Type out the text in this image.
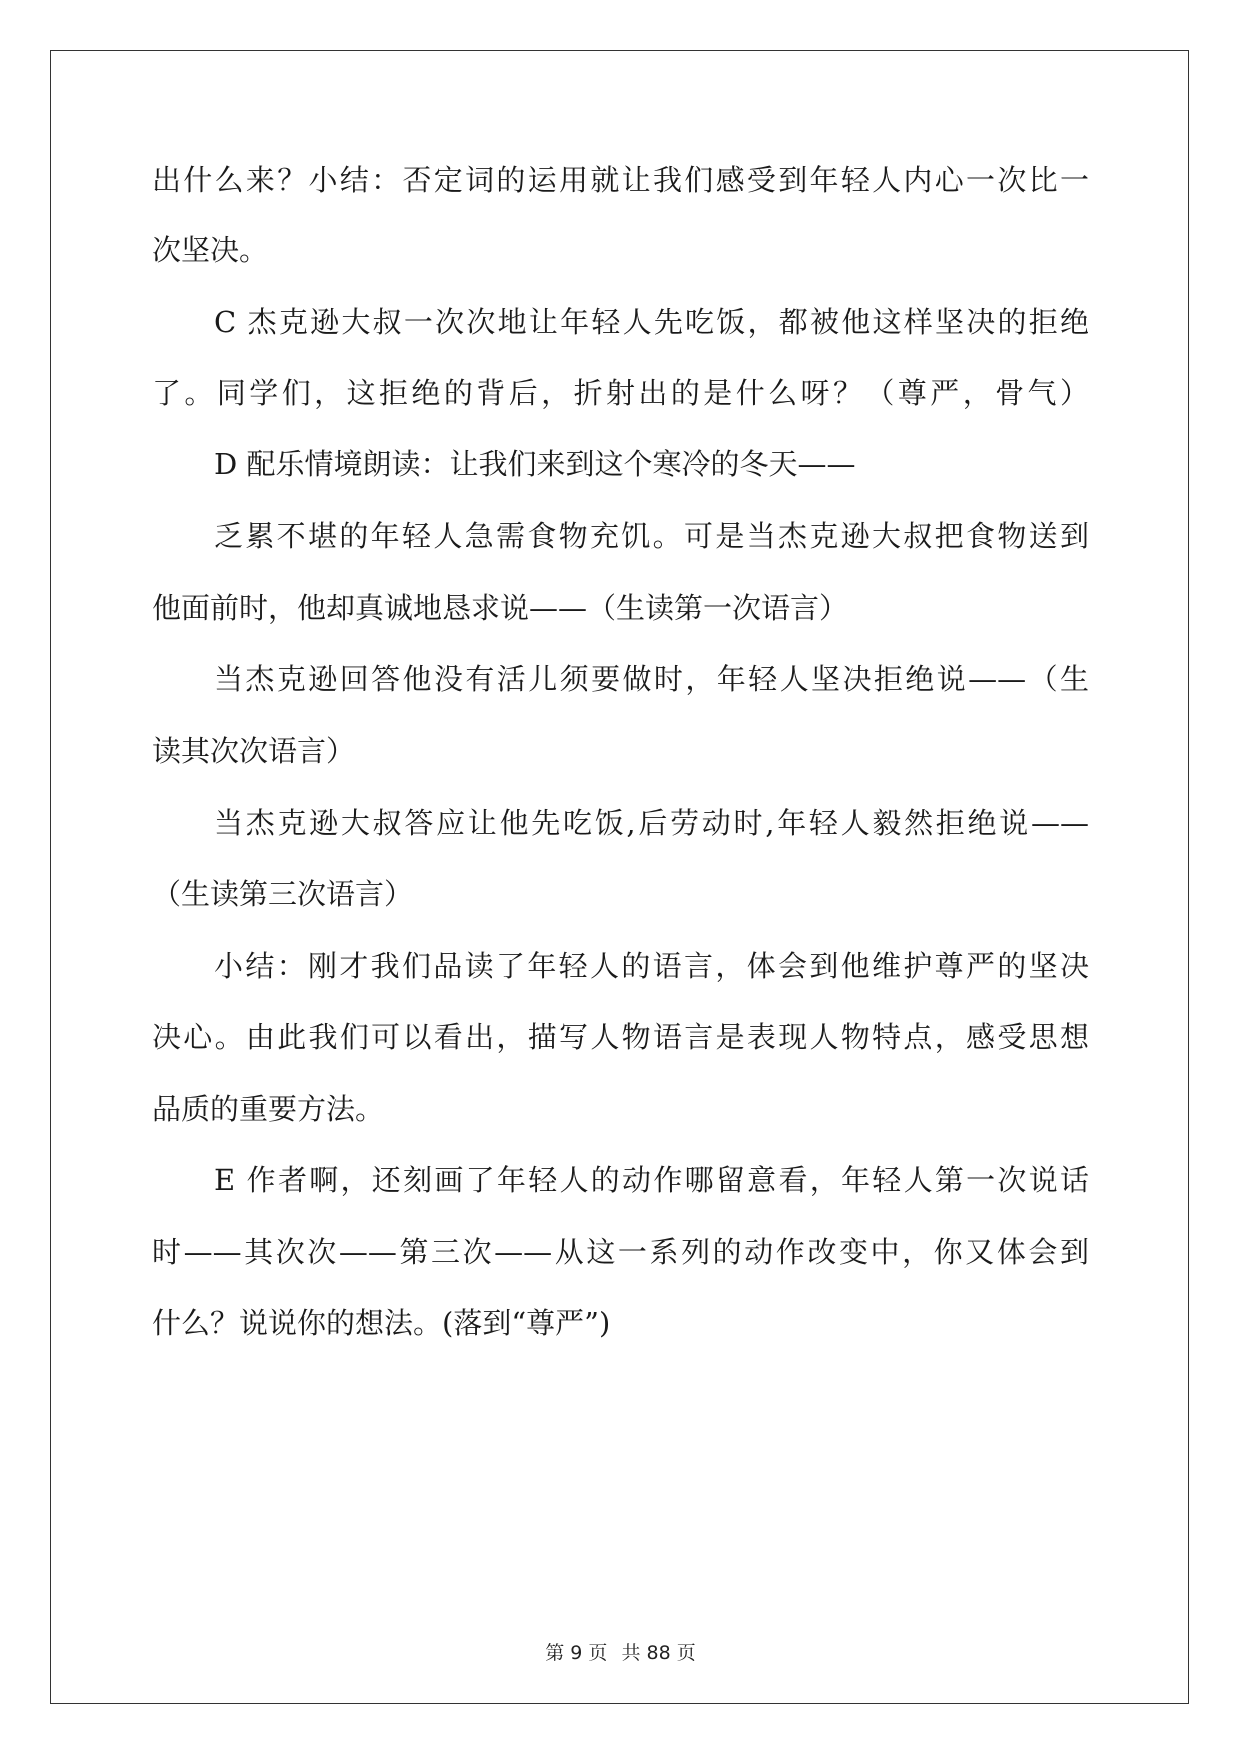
出什么来？小结：否定词的运用就让我们感受到年轻人内心一次比一
次坚决。
C 杰克逊大叔一次次地让年轻人先吃饭，都被他这样坚决的拒绝
了。同学们，这拒绝的背后，折射出的是什么呀？（尊严，骨气）
D 配乐情境朗读：让我们来到这个寒冷的冬天——
乏累不堪的年轻人急需食物充饥。可是当杰克逊大叔把食物送到
他面前时，他却真诚地恳求说——（生读第一次语言）
当杰克逊回答他没有活儿须要做时，年轻人坚决拒绝说——（生
读其次次语言）
当杰克逊大叔答应让他先吃饭,后劳动时,年轻人毅然拒绝说——
（生读第三次语言）
小结：刚才我们品读了年轻人的语言，体会到他维护尊严的坚决
决心。由此我们可以看出，描写人物语言是表现人物特点，感受思想
品质的重要方法。
E 作者啊，还刻画了年轻人的动作哪留意看，年轻人第一次说话
时——其次次——第三次——从这一系列的动作改变中，你又体会到
什么？说说你的想法。(落到“尊严”)
第 9 页 共 88 页
